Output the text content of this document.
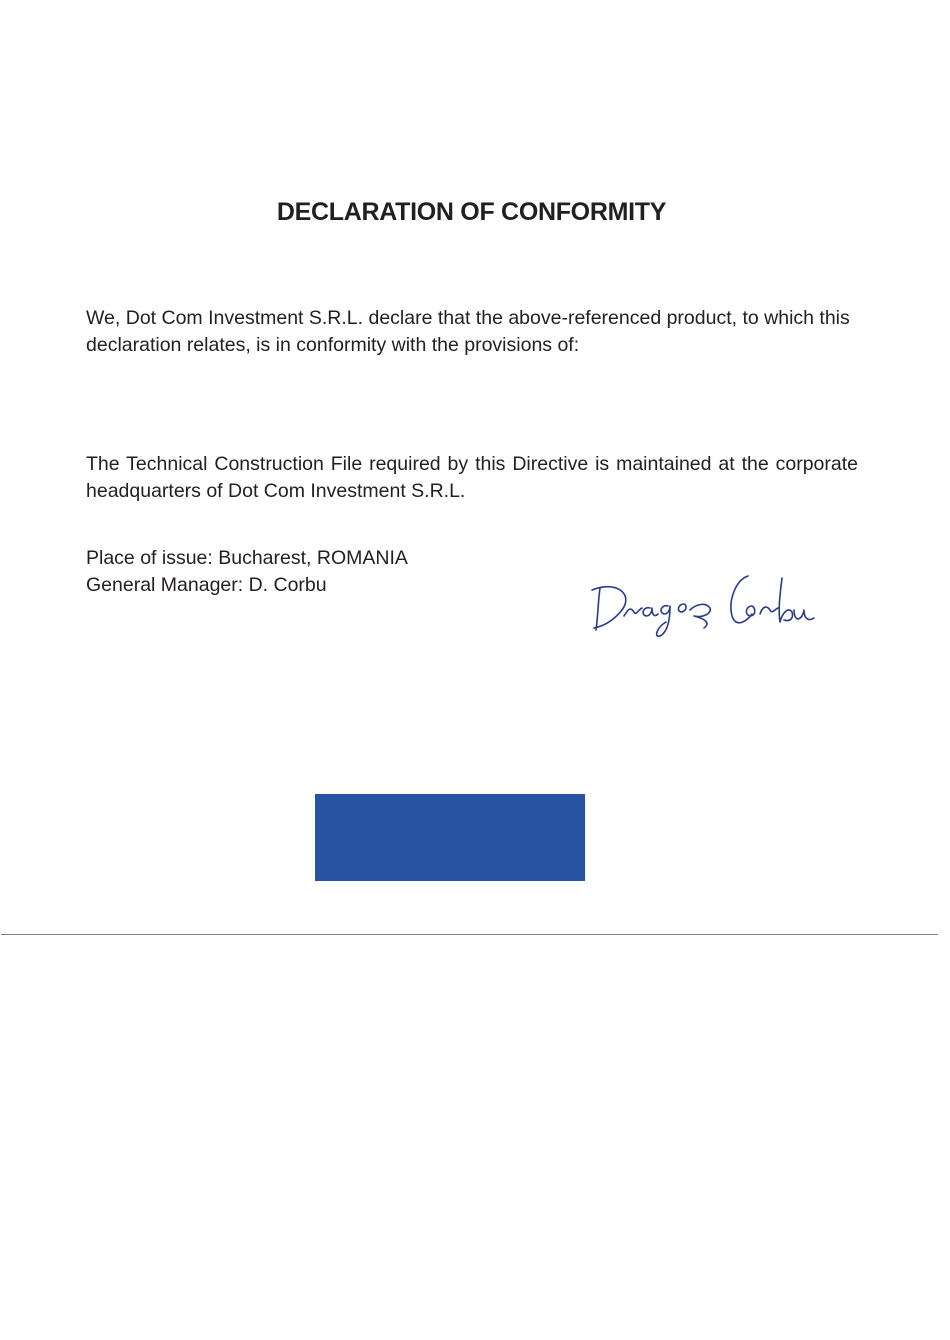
DECLARATION OF CONFORMITY

We, Dot Com Investment S.R.L. declare that the above-referenced product, to which this declaration relates, is in conformity with the provisions of:

The Technical Construction File required by this Directive is maintained at the corporate headquarters of Dot Com Investment S.R.L.

Place of issue: Bucharest, ROMANIA
General Manager: D. Corbu
